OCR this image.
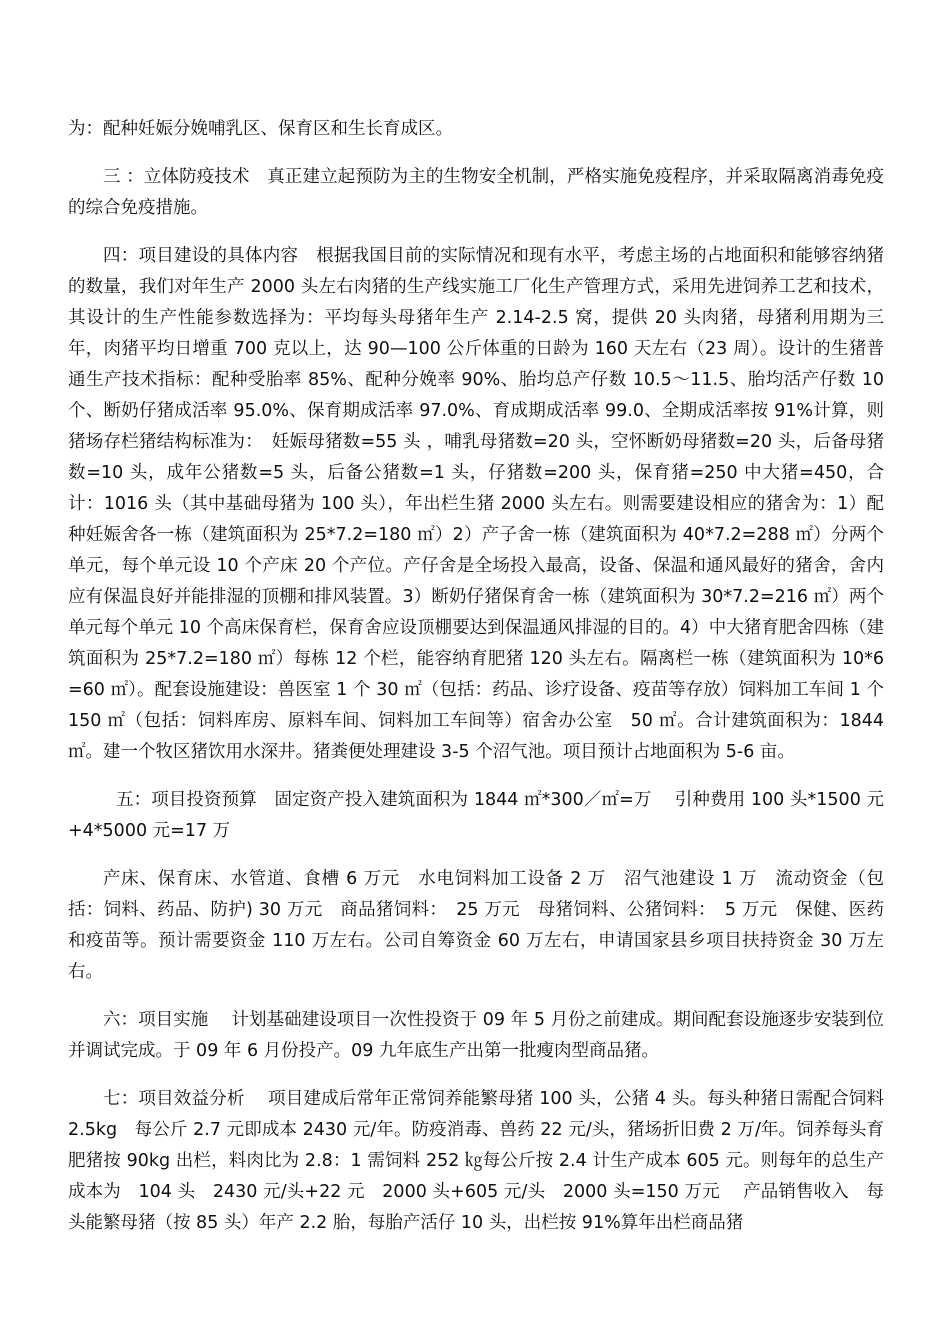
为：配种妊娠分娩哺乳区、保育区和生长育成区。

三 ：立体防疫技术　真正建立起预防为主的生物安全机制，严格实施免疫程序，并采取隔离消毒免疫的综合免疫措施。

四：项目建设的具体内容　根据我国目前的实际情况和现有水平，考虑主场的占地面积和能够容纳猪的数量，我们对年生产 2000 头左右肉猪的生产线实施工厂化生产管理方式，采用先进饲养工艺和技术，其设计的生产性能参数选择为：平均每头母猪年生产 2.14-2.5 窝，提供 20 头肉猪，母猪利用期为三年，肉猪平均日增重 700 克以上，达 90—100 公斤体重的日龄为 160 天左右（23 周）。设计的生猪普通生产技术指标：配种受胎率 85%、配种分娩率 90%、胎均总产仔数 10.5～11.5、胎均活产仔数 10 个、断奶仔猪成活率 95.0%、保育期成活率 97.0%、育成期成活率 99.0、全期成活率按 91%计算，则猪场存栏猪结构标准为：　妊娠母猪数=55 头 ，哺乳母猪数=20 头，空怀断奶母猪数=20 头，后备母猪数=10 头，成年公猪数=5 头，后备公猪数=1 头，仔猪数=200 头，保育猪=250 中大猪=450，合计：1016 头（其中基础母猪为 100 头），年出栏生猪 2000 头左右。则需要建设相应的猪舍为：1）配种妊娠舍各一栋（建筑面积为 25*7.2=180 ㎡）2）产子舍一栋（建筑面积为 40*7.2=288 ㎡）分两个单元，每个单元设 10 个产床 20 个产位。产仔舍是全场投入最高，设备、保温和通风最好的猪舍，舍内应有保温良好并能排湿的顶棚和排风装置。3）断奶仔猪保育舍一栋（建筑面积为 30*7.2=216 ㎡）两个单元每个单元 10 个高床保育栏，保育舍应设顶棚要达到保温通风排湿的目的。4）中大猪育肥舍四栋（建筑面积为 25*7.2=180 ㎡）每栋 12 个栏，能容纳育肥猪 120 头左右。隔离栏一栋（建筑面积为 10*6=60 ㎡）。配套设施建设：兽医室 1 个 30 ㎡（包括：药品、诊疗设备、疫苗等存放）饲料加工车间 1 个 150 ㎡（包括：饲料库房、原料车间、饲料加工车间等）宿舍办公室　50 ㎡。合计建筑面积为：1844 ㎡。建一个牧区猪饮用水深井。猪粪便处理建设 3-5 个沼气池。项目预计占地面积为 5-6 亩。

五：项目投资预算　固定资产投入建筑面积为 1844 ㎡*300／㎡=万　 引种费用 100 头*1500 元+4*5000 元=17 万

产床、保育床、水管道、食槽 6 万元　水电饲料加工设备 2 万　沼气池建设 1 万　流动资金（包括：饲料、药品、防护) 30 万元　商品猪饲料：　25 万元　母猪饲料、公猪饲料：　5 万元　保健、医药和疫苗等。预计需要资金 110 万左右。公司自筹资金 60 万左右，申请国家县乡项目扶持资金 30 万左右。

六：项目实施　 计划基础建设项目一次性投资于 09 年 5 月份之前建成。期间配套设施逐步安装到位并调试完成。于 09 年 6 月份投产。09 九年底生产出第一批瘦肉型商品猪。

七：项目效益分析　 项目建成后常年正常饲养能繁母猪 100 头，公猪 4 头。每头种猪日需配合饲料 2.5kg　每公斤 2.7 元即成本 2430 元/年。防疫消毒、兽药 22 元/头，猪场折旧费 2 万/年。饲养每头育肥猪按 90kg 出栏，料肉比为 2.8：1 需饲料 252 ㎏每公斤按 2.4 计生产成本 605 元。则每年的总生产成本为　104 头　2430 元/头+22 元　2000 头+605 元/头　2000 头=150 万元　 产品销售收入　每头能繁母猪（按 85 头）年产 2.2 胎，每胎产活仔 10 头，出栏按 91%算年出栏商品猪
